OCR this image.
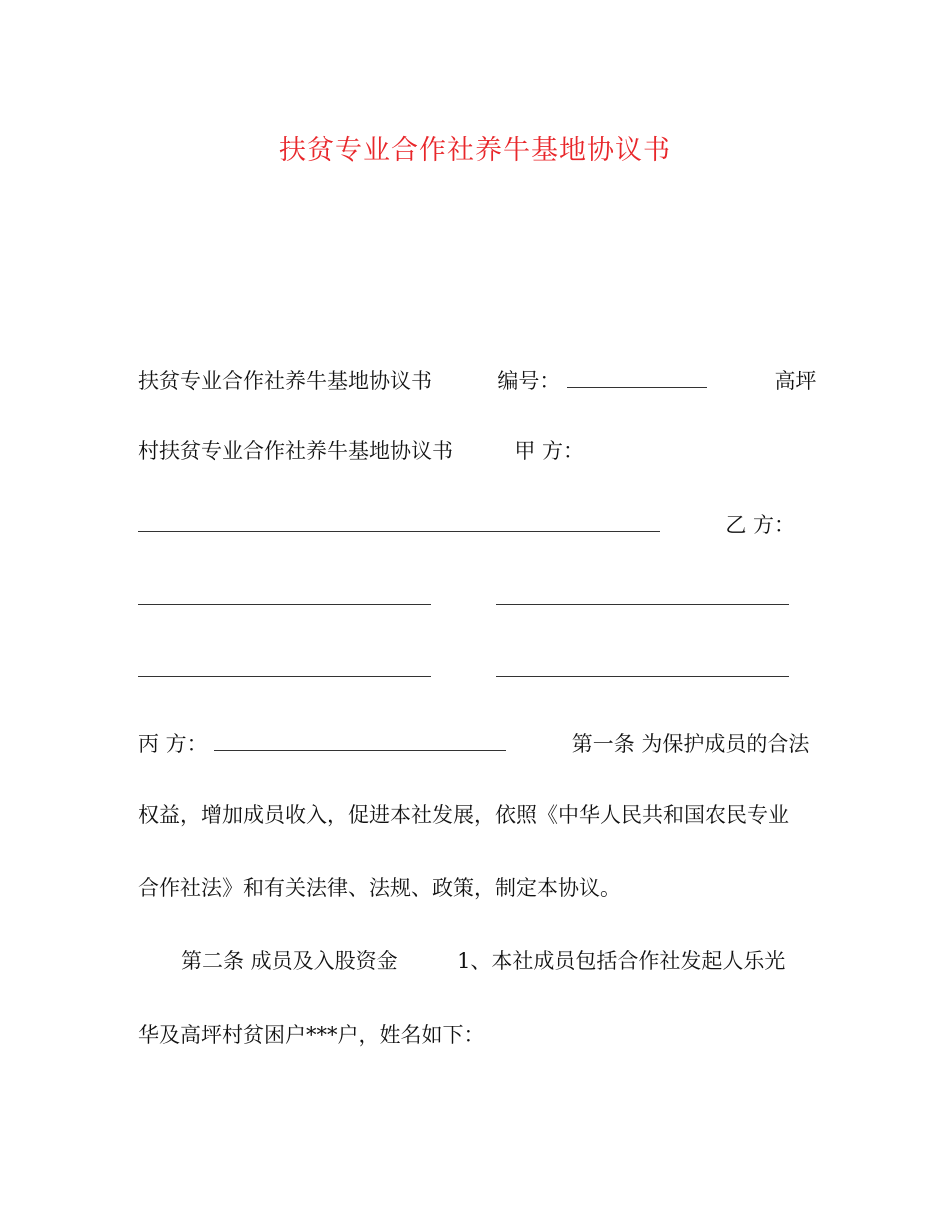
扶贫专业合作社养牛基地协议书
扶贫专业合作社养牛基地协议书	编号：	高坪
村扶贫专业合作社养牛基地协议书	甲 方：
乙 方：

丙 方：	第一条 为保护成员的合法
权益，增加成员收入，促进本社发展，依照《中华人民共和国农民专业
合作社法》和有关法律、法规、政策，制定本协议。
第二条 成员及入股资金	1、本社成员包括合作社发起人乐光
华及高坪村贫困户***户，姓名如下：
